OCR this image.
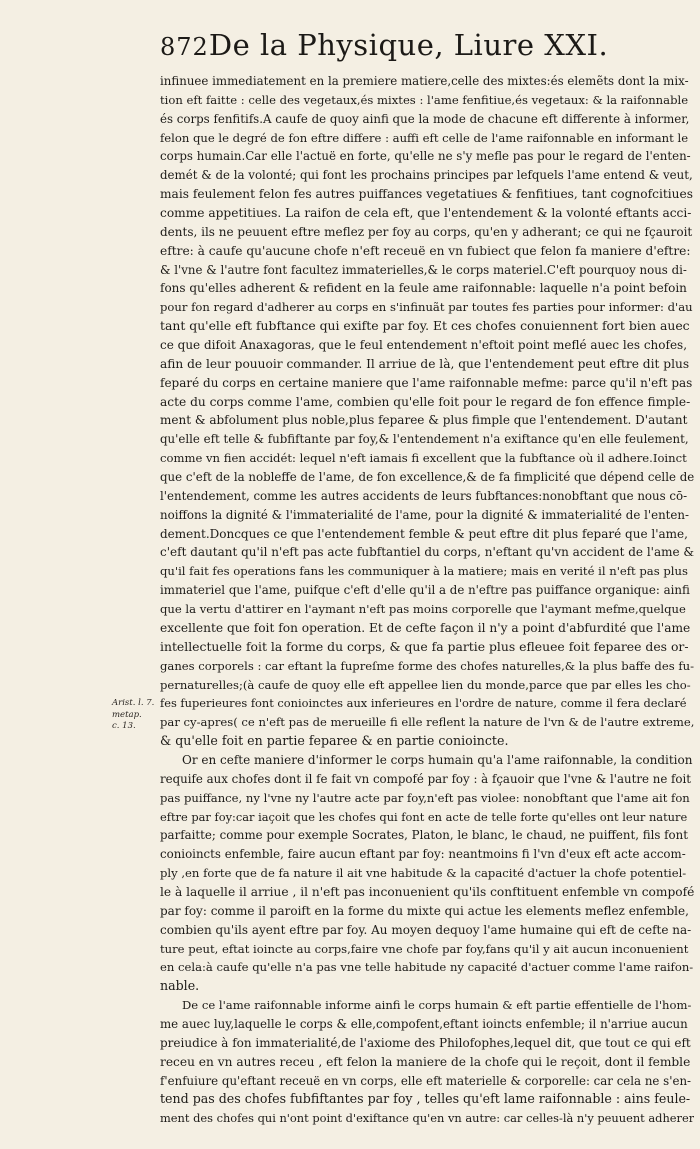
872 De la Physique, Liure XXI.
Arist. l. 7.
metap.
c. 13.
infinuee immediatement en la premiere matiere,celle des mixtes:és elemẽts dont la mix-
tion eft faitte : celle des vegetaux,és mixtes : l'ame fenfitiue,és vegetaux: & la raifonnable
és corps fenfitifs.A caufe de quoy ainfi que la mode de chacune eft differente à informer,
felon que le degré de fon eftre differe : auffi eft celle de l'ame raifonnable en informant le
corps humain.Car elle l'actuë en forte, qu'elle ne s'y mefle pas pour le regard de l'enten-
demét & de la volonté; qui font les prochains principes par lefquels l'ame entend & veut,
mais feulement felon fes autres puiffances vegetatiues & fenfitiues, tant cognofcitiues
comme appetitiues. La raifon de cela eft, que l'entendement & la volonté eftants acci-
dents, ils ne peuuent eftre meflez per foy au corps, qu'en y adherant; ce qui ne fçauroit
eftre: à caufe qu'aucune chofe n'eft receuë en vn fubiect que felon fa maniere d'eftre:
& l'vne & l'autre font facultez immaterielles,& le corps materiel.C'eft pourquoy nous di-
fons qu'elles adherent & refident en la feule ame raifonnable: laquelle n'a point befoin
pour fon regard d'adherer au corps en s'infinuãt par toutes fes parties pour informer: d'au
tant qu'elle eft fubftance qui exifte par foy. Et ces chofes conuiennent fort bien auec
ce que difoit Anaxagoras, que le feul entendement n'eftoit point meflé auec les chofes,
afin de leur pouuoir commander. Il arriue de là, que l'entendement peut eftre dit plus
feparé du corps en certaine maniere que l'ame raifonnable mefme: parce qu'il n'eft pas
acte du corps comme l'ame, combien qu'elle foit pour le regard de fon effence fimple-
ment & abfolument plus noble,plus feparee & plus fimple que l'entendement. D'autant
qu'elle eft telle & fubfiftante par foy,& l'entendement n'a exiftance qu'en elle feulement,
comme vn fien accidét: lequel n'eft iamais fi excellent que la fubftance où il adhere.Ioinct
que c'eft de la nobleffe de l'ame, de fon excellence,& de fa fimplicité que dépend celle de
l'entendement, comme les autres accidents de leurs fubftances:nonobftant que nous cō-
noiffons la dignité & l'immaterialité de l'ame, pour la dignité & immaterialité de l'enten-
dement.Doncques ce que l'entendement femble & peut eftre dit plus feparé que l'ame,
c'eft dautant qu'il n'eft pas acte fubftantiel du corps, n'eftant qu'vn accident de l'ame &
qu'il fait fes operations fans les communiquer à la matiere; mais en verité il n'eft pas plus
immateriel que l'ame, puifque c'eft d'elle qu'il a de n'eftre pas puiffance organique: ainfi
que la vertu d'attirer en l'aymant n'eft pas moins corporelle que l'aymant mefme,quelque
excellente que foit fon operation. Et de cefte façon il n'y a point d'abfurdité que l'ame
intellectuelle foit la forme du corps, & que fa partie plus efleuee foit feparee des or-
ganes corporels : car eftant la fupreſme forme des chofes naturelles,& la plus baffe des fu-
pernaturelles;(à caufe de quoy elle eft appellee lien du monde,parce que par elles les cho-
fes fuperieures font conioinctes aux inferieures en l'ordre de nature, comme il fera declaré
par cy-apres( ce n'eft pas de merueille fi elle reflent la nature de l'vn & de l'autre extreme,
& qu'elle foit en partie feparee & en partie conioincte.
Or en cefte maniere d'informer le corps humain qu'a l'ame raifonnable, la condition
requife aux chofes dont il fe fait vn compofé par foy : à fçauoir que l'vne & l'autre ne foit
pas puiffance, ny l'vne ny l'autre acte par foy,n'eft pas violee: nonobftant que l'ame ait fon
eftre par foy:car iaçoit que les chofes qui font en acte de telle forte qu'elles ont leur nature
parfaitte; comme pour exemple Socrates, Platon, le blanc, le chaud, ne puiffent, fils font
conioincts enfemble, faire aucun eftant par foy: neantmoins fi l'vn d'eux eft acte accom-
ply ,en forte que de fa nature il ait vne habitude & la capacité d'actuer la chofe potentiel-
le à laquelle il arriue , il n'eft pas inconuenient qu'ils conftituent enfemble vn compofé
par foy: comme il paroift en la forme du mixte qui actue les elements meflez enfemble,
combien qu'ils ayent eftre par foy. Au moyen dequoy l'ame humaine qui eft de cefte na-
ture peut, eftat ioincte au corps,faire vne chofe par foy,fans qu'il y ait aucun inconuenient
en cela:à caufe qu'elle n'a pas vne telle habitude ny capacité d'actuer comme l'ame raifon-
nable.
De ce l'ame raifonnable informe ainfi le corps humain & eft partie effentielle de l'hom-
me auec luy,laquelle le corps & elle,compofent,eftant ioincts enfemble; il n'arriue aucun
preiudice à fon immaterialité,de l'axiome des Philofophes,lequel dit, que tout ce qui eft
receu en vn autres receu , eft felon la maniere de la chofe qui le reçoit, dont il femble
f'enfuiure qu'eftant receuë en vn corps, elle eft materielle & corporelle: car cela ne s'en-
tend pas des chofes fubfiftantes par foy , telles qu'eft lame raifonnable : ains feule-
ment des chofes qui n'ont point d'exiftance qu'en vn autre: car celles-là n'y peuuent adherer
